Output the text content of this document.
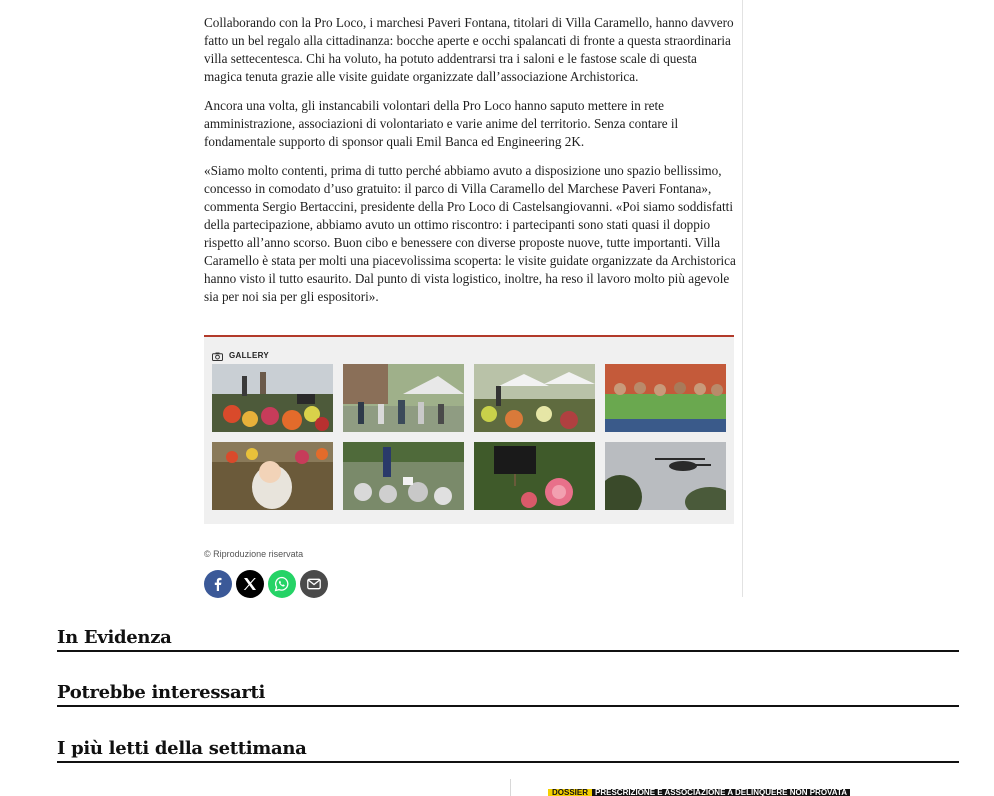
Collaborando con la Pro Loco, i marchesi Paveri Fontana, titolari di Villa Caramello, hanno davvero fatto un bel regalo alla cittadinanza: bocche aperte e occhi spalancati di fronte a questa straordinaria villa settecentesca. Chi ha voluto, ha potuto addentrarsi tra i saloni e le fastose scale di questa magica tenuta grazie alle visite guidate organizzate dall’associazione Archistorica.

Ancora una volta, gli instancabili volontari della Pro Loco hanno saputo mettere in rete amministrazione, associazioni di volontariato e varie anime del territorio. Senza contare il fondamentale supporto di sponsor quali Emil Banca ed Engineering 2K.

«Siamo molto contenti, prima di tutto perché abbiamo avuto a disposizione uno spazio bellissimo, concesso in comodato d’uso gratuito: il parco di Villa Caramello del Marchese Paveri Fontana», commenta Sergio Bertaccini, presidente della Pro Loco di Castelsangiovanni. «Poi siamo soddisfatti della partecipazione, abbiamo avuto un ottimo riscontro: i partecipanti sono stati quasi il doppio rispetto all’anno scorso. Buon cibo e benessere con diverse proposte nuove, tutte importanti. Villa Caramello è stata per molti una piacevolissima scoperta: le visite guidate organizzate da Archistorica hanno visto il tutto esaurito. Dal punto di vista logistico, inoltre, ha reso il lavoro molto più agevole sia per noi sia per gli espositori».

GALLERY
© Riproduzione riservata
In Evidenza
Potrebbe interessarti
I più letti della settimana
DOSSIER PRESCRIZIONE E ASSOCIAZIONE A DELINQUERE NON PROVATA
